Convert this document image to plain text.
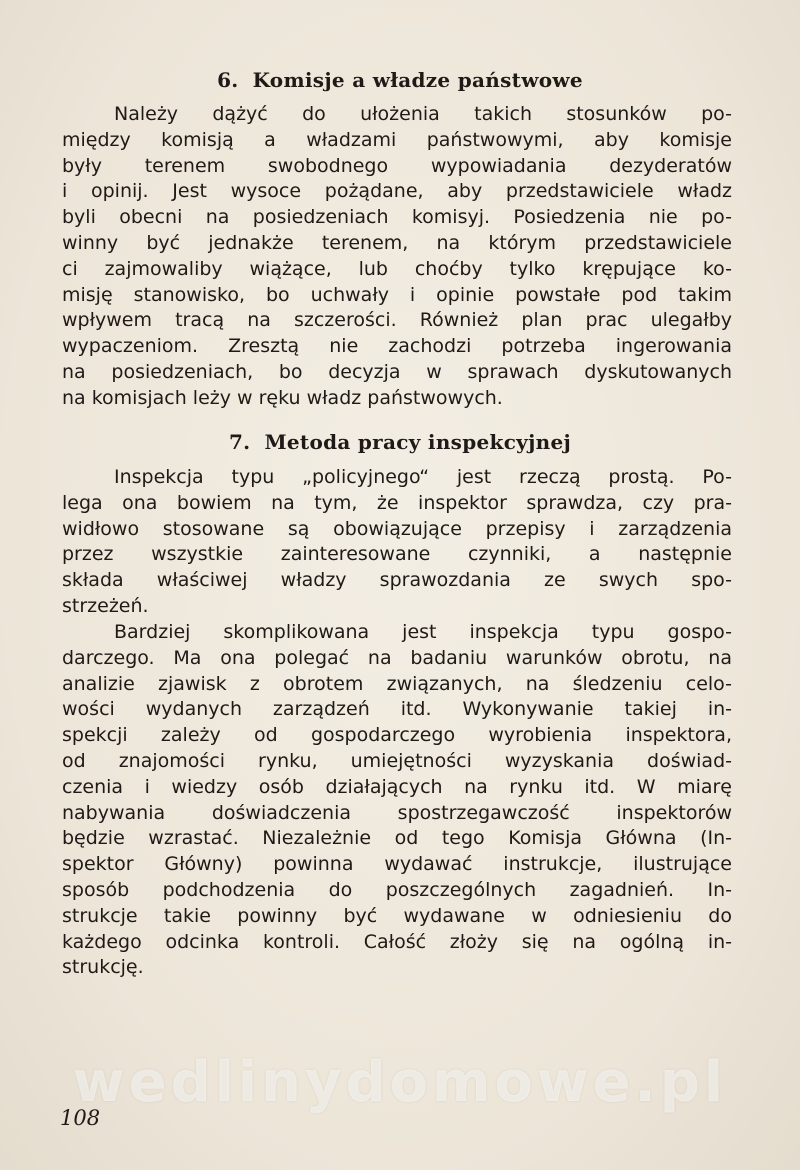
6. Komisje a władze państwowe

Należy dążyć do ułożenia takich stosunków po-
między komisją a władzami państwowymi, aby komisje
były terenem swobodnego wypowiadania dezyderatów
i opinij. Jest wysoce pożądane, aby przedstawiciele władz
byli obecni na posiedzeniach komisyj. Posiedzenia nie po-
winny być jednakże terenem, na którym przedstawiciele
ci zajmowaliby wiążące, lub choćby tylko krępujące ko-
misję stanowisko, bo uchwały i opinie powstałe pod takim
wpływem tracą na szczerości. Również plan prac ulegałby
wypaczeniom. Zresztą nie zachodzi potrzeba ingerowania
na posiedzeniach, bo decyzja w sprawach dyskutowanych
na komisjach leży w ręku władz państwowych.

7. Metoda pracy inspekcyjnej

Inspekcja typu „policyjnego“ jest rzeczą prostą. Po-
lega ona bowiem na tym, że inspektor sprawdza, czy pra-
widłowo stosowane są obowiązujące przepisy i zarządzenia
przez wszystkie zainteresowane czynniki, a następnie
składa właściwej władzy sprawozdania ze swych spo-
strzeżeń.

Bardziej skomplikowana jest inspekcja typu gospo-
darczego. Ma ona polegać na badaniu warunków obrotu, na
analizie zjawisk z obrotem związanych, na śledzeniu celo-
wości wydanych zarządzeń itd. Wykonywanie takiej in-
spekcji zależy od gospodarczego wyrobienia inspektora,
od znajomości rynku, umiejętności wyzyskania doświad-
czenia i wiedzy osób działających na rynku itd. W miarę
nabywania doświadczenia spostrzegawczość inspektorów
będzie wzrastać. Niezależnie od tego Komisja Główna (In-
spektor Główny) powinna wydawać instrukcje, ilustrujące
sposób podchodzenia do poszczególnych zagadnień. In-
strukcje takie powinny być wydawane w odniesieniu do
każdego odcinka kontroli. Całość złoży się na ogólną in-
strukcję.

wedlinydomowe.pl
108
